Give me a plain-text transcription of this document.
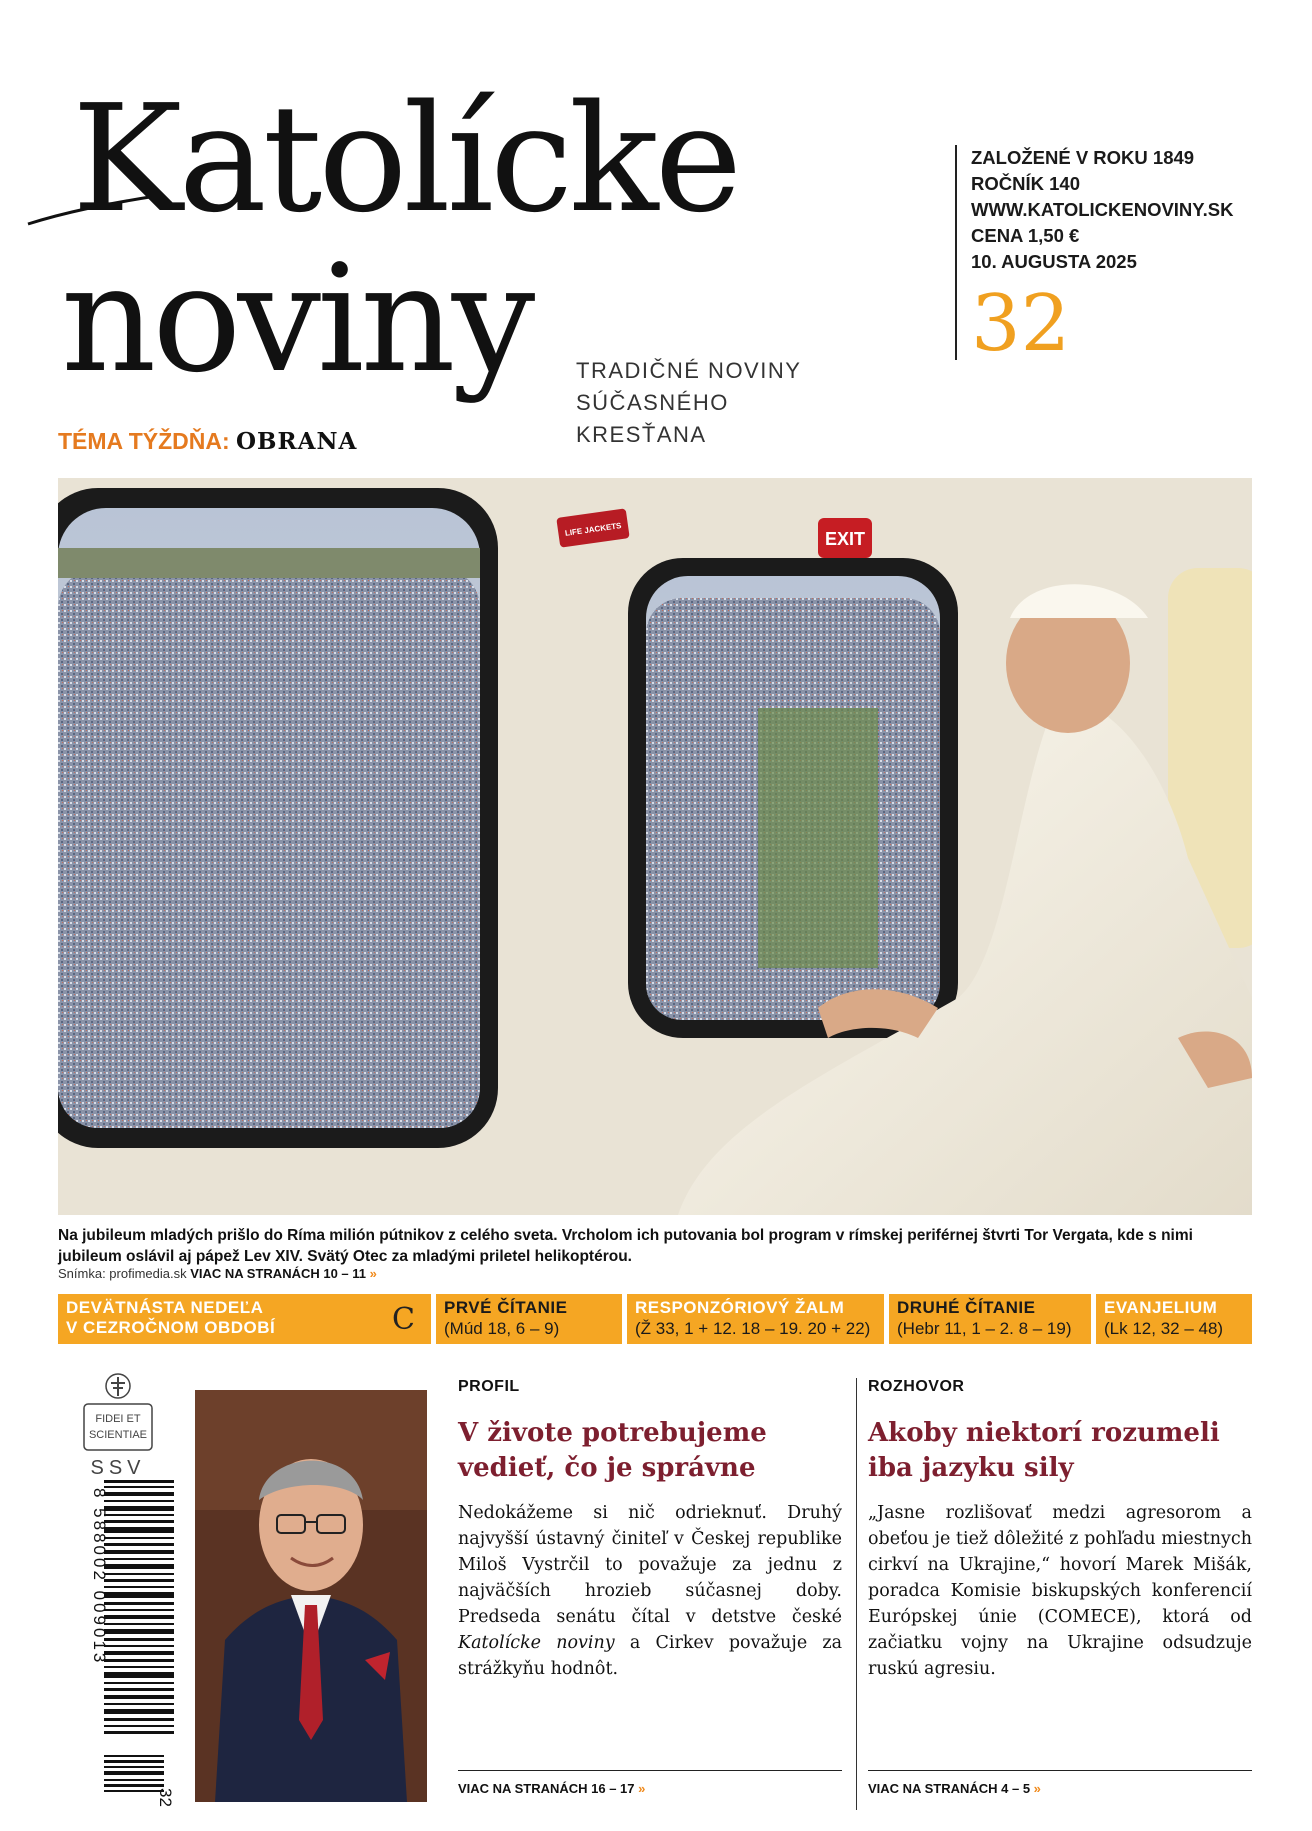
Katolícke
noviny TRADIČNÉ NOVINY
SÚČASNÉHO
KRESŤANA
ZALOŽENÉ V ROKU 1849
ROČNÍK 140
WWW.KATOLICKENOVINY.SK
CENA 1,50 €
10. AUGUSTA 2025
32
TÉMA TÝŽDŇA: OBRANA
EXIT
LIFE JACKETS
Na jubileum mladých prišlo do Ríma milión pútnikov z celého sveta. Vrcholom ich putovania bol program v rímskej periférnej štvrti Tor Vergata, kde s nimi jubileum oslávil aj pápež Lev XIV. Svätý Otec za mladými priletel helikoptérou.
Snímka: profimedia.sk VIAC NA STRANÁCH 10 – 11 »
DEVÄTNÁSTA NEDEĽA
V CEZROČNOM OBDOBÍ	C PRVÉ ČÍTANIE
(Múd 18, 6 – 9)
RESPONZÓRIOVÝ ŽALM
(Ž 33, 1 + 12. 18 – 19. 20 + 22)
DRUHÉ ČÍTANIE
(Hebr 11, 1 – 2. 8 – 19)
EVANJELIUM
(Lk 12, 32 – 48)
FIDEI ET
SCIENTIAE
SSV
8 588002 009013
32
PROFIL
V živote potrebujeme vedieť, čo je správne
Nedokážeme si nič odrieknuť. Druhý najvyšší ústavný činiteľ v Českej republike Miloš Vystrčil to považuje za jednu z najväčších hrozieb súčasnej doby. Predseda senátu čítal v detstve české Katolícke noviny a Cirkev považuje za strážkyňu hodnôt.
VIAC NA STRANÁCH 16 – 17 »
ROZHOVOR
Akoby niektorí rozumeli iba jazyku sily
„Jasne rozlišovať medzi agresorom a obeťou je tiež dôležité z pohľadu miestnych cirkví na Ukrajine,“ hovorí Marek Mišák, poradca Komisie biskupských konferencií Európskej únie (COMECE), ktorá od začiatku vojny na Ukrajine odsudzuje ruskú agresiu.
VIAC NA STRANÁCH 4 – 5 »
